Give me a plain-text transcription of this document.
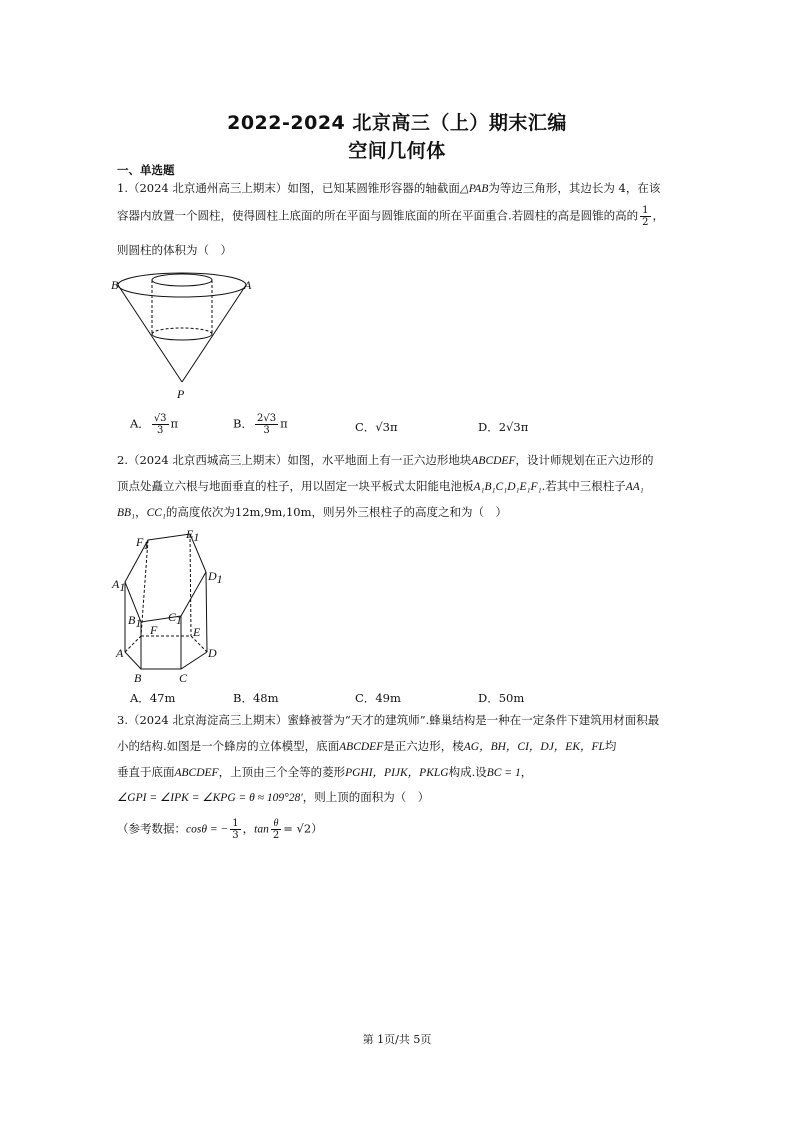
2022-2024 北京高三（上）期末汇编
空间几何体
一、单选题
1.（2024 北京通州高三上期末）如图，已知某圆锥形容器的轴截面△PAB为等边三角形，其边长为 4，在该
容器内放置一个圆柱，使得圆柱上底面的所在平面与圆锥底面的所在平面重合.若圆柱的高是圆锥的高的 $\frac{1}{2}$ ，
则圆柱的体积为（　）
B	A
P
A． $\frac{√3}{3}$ π	B． $\frac{2√3}{3}$ π	C．√3π	D．2√3π
2.（2024 北京西城高三上期末）如图，水平地面上有一正六边形地块ABCDEF，设计师规划在正六边形的
顶点处矗立六根与地面垂直的柱子，用以固定一块平板式太阳能电池板A₁B₁C₁D₁E₁F₁.若其中三根柱子AA₁
BB₁，CC₁的高度依次为12m,9m,10m，则另外三根柱子的高度之和为（　）
F1
E1
A1
D1
B1 C1
F	E
A	D
B	C
A．47m	B．48m	C．49m	D．50m
3.（2024 北京海淀高三上期末）蜜蜂被誉为“天才的建筑师”.蜂巢结构是一种在一定条件下建筑用材面积最
小的结构.如图是一个蜂房的立体模型，底面ABCDEF是正六边形，棱AG，BH，CI，DJ，EK，FL均
垂直于底面ABCDEF，上顶由三个全等的菱形PGHI，PIJK，PKLG构成.设BC = 1，
∠GPI = ∠IPK = ∠KPG = θ ≈ 109°28′，则上顶的面积为（　）
（参考数据：cosθ = − $\frac{1}{3}$ ，$\tan \frac{\theta}{2} = √2$）
第 1页/共 5页
